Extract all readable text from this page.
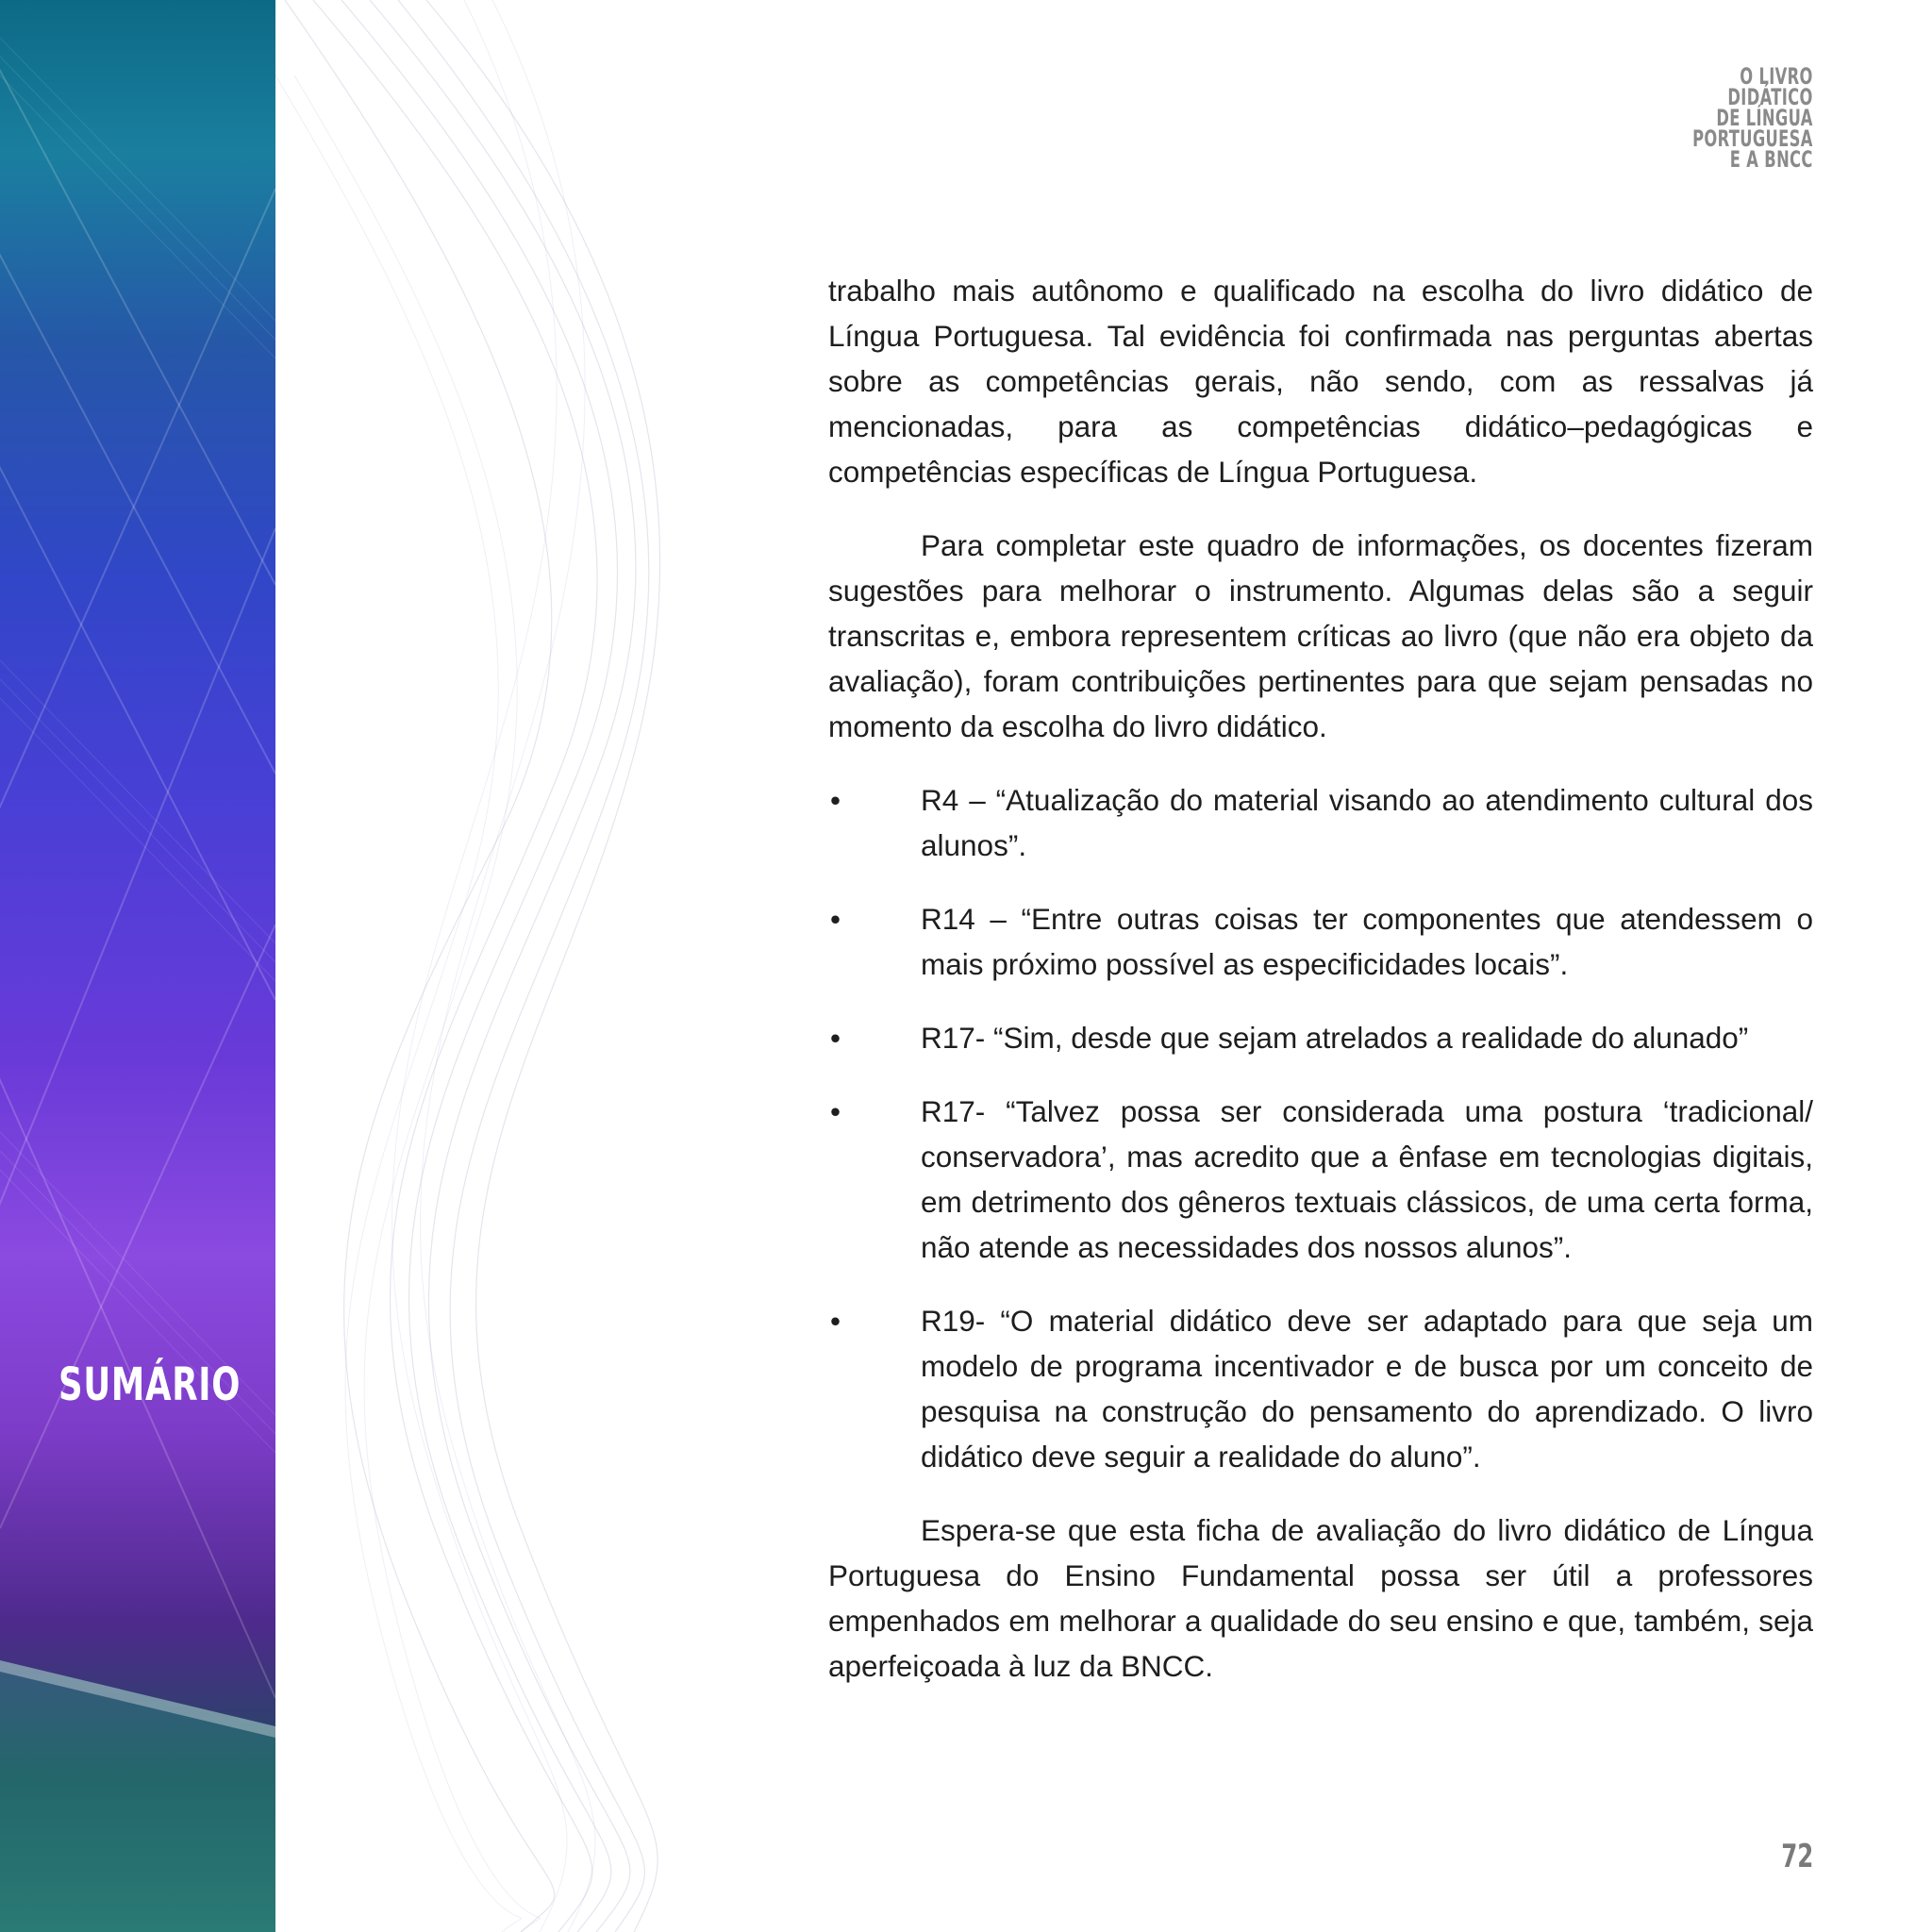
SUMÁRIO
O LIVRO
DIDÁTICO
DE LÍNGUA
PORTUGUESA
E A BNCC

trabalho mais autônomo e qualificado na escolha do livro didático de Língua Portuguesa. Tal evidência foi confirmada nas perguntas abertas sobre as competências gerais, não sendo, com as ressalvas já mencionadas, para as competências didático–pedagógicas e competências específicas de Língua Portuguesa.

Para completar este quadro de informações, os docentes fizeram sugestões para melhorar o instrumento. Algumas delas são a seguir transcritas e, embora representem críticas ao livro (que não era objeto da avaliação), foram contribuições pertinentes para que sejam pensadas no momento da escolha do livro didático.

•	R4 – “Atualização do material visando ao atendimento cultural dos alunos”.
•	R14 – “Entre outras coisas ter componentes que atendessem o mais próximo possível as especificidades locais”.
•	R17- “Sim, desde que sejam atrelados a realidade do alunado”
•	R17- “Talvez possa ser considerada uma postura ‘tradicional/ conservadora’, mas acredito que a ênfase em tecnologias digitais, em detrimento dos gêneros textuais clássicos, de uma certa forma, não atende as necessidades dos nossos alunos”.
•	R19- “O material didático deve ser adaptado para que seja um modelo de programa incentivador e de busca por um conceito de pesquisa na construção do pensamento do aprendizado. O livro didático deve seguir a realidade do aluno”.

Espera-se que esta ficha de avaliação do livro didático de Língua Portuguesa do Ensino Fundamental possa ser útil a professores empenhados em melhorar a qualidade do seu ensino e que, também, seja aperfeiçoada à luz da BNCC.

72
